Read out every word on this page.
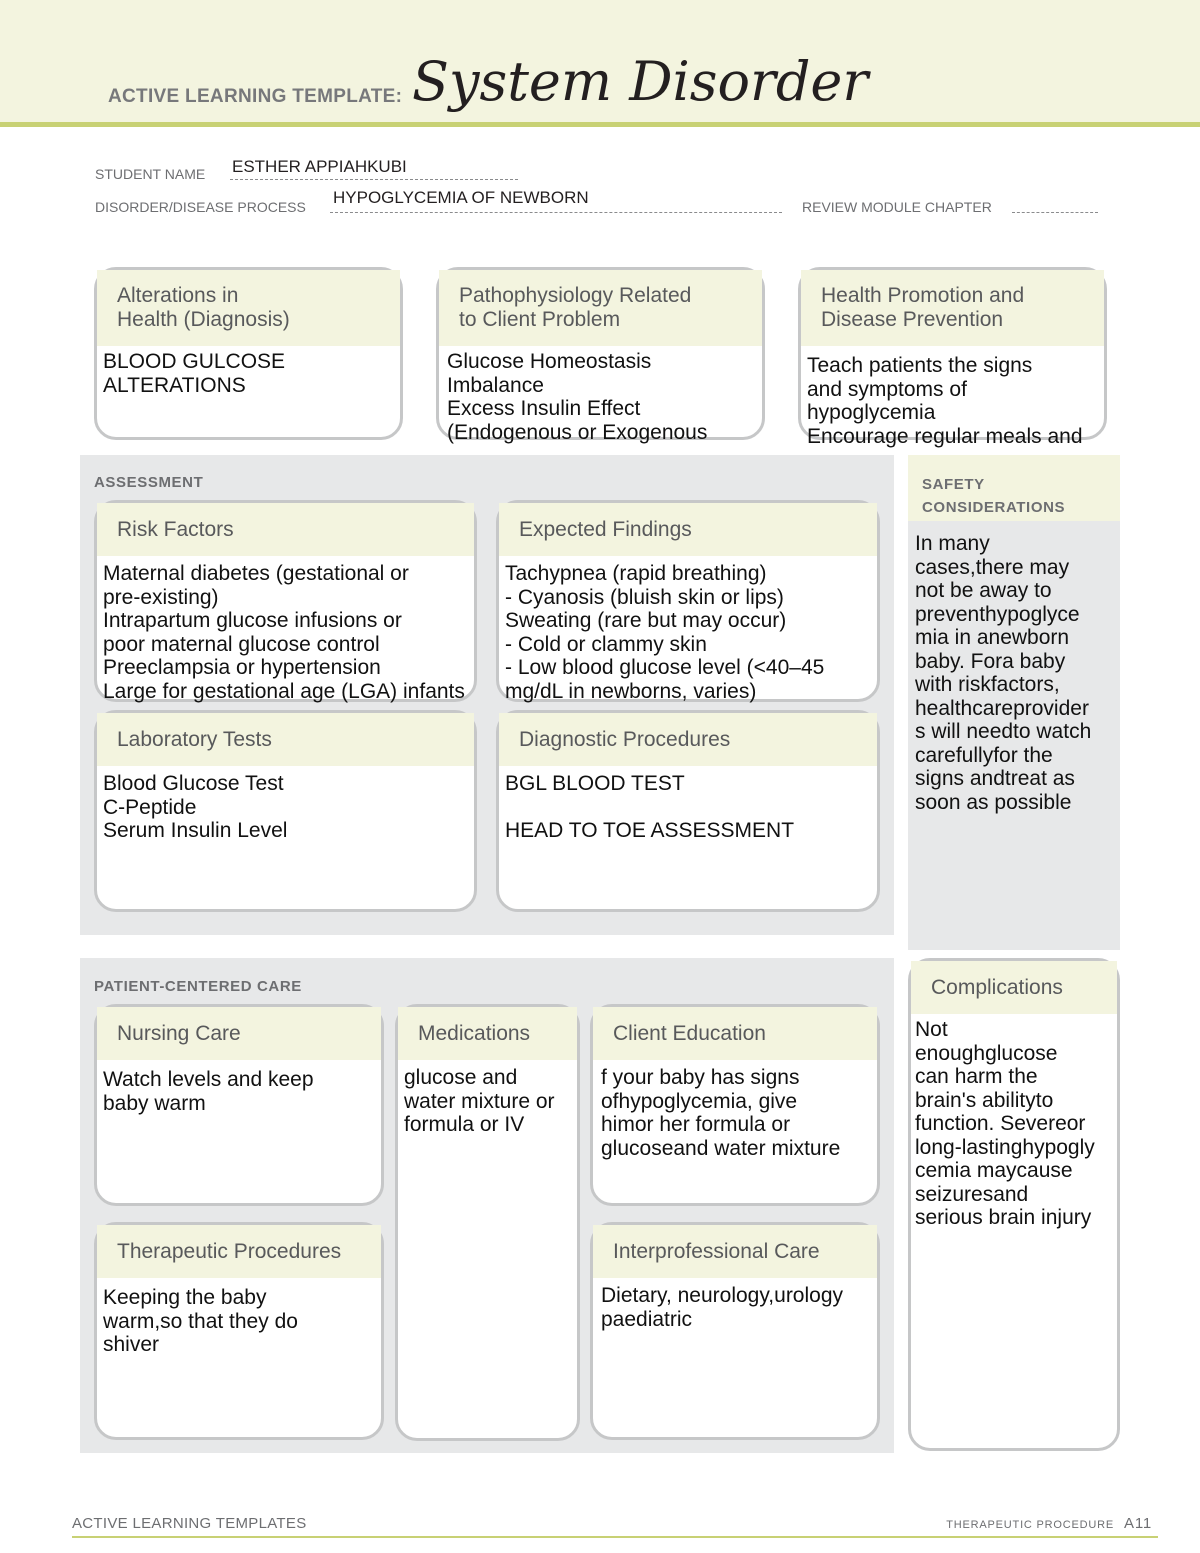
ACTIVE LEARNING TEMPLATE: System Disorder
STUDENT NAME ESTHER APPIAHKUBI
DISORDER/DISEASE PROCESS HYPOGLYCEMIA OF NEWBORN	REVIEW MODULE CHAPTER
Alterations in
Health (Diagnosis)
BLOOD GULCOSE
ALTERATIONS
Pathophysiology Related
to Client Problem
Glucose Homeostasis
Imbalance
Excess Insulin Effect
(Endogenous or Exogenous
Health Promotion and
Disease Prevention
Teach patients the signs
and symptoms of
hypoglycemia
Encourage regular meals and
ASSESSMENT
Risk Factors
Maternal diabetes (gestational or
pre-existing)
Intrapartum glucose infusions or
poor maternal glucose control
Preeclampsia or hypertension
Large for gestational age (LGA) infants
Expected Findings
Tachypnea (rapid breathing)
- Cyanosis (bluish skin or lips)
Sweating (rare but may occur)
- Cold or clammy skin
- Low blood glucose level (<40–45
mg/dL in newborns, varies)
Laboratory Tests
Blood Glucose Test
C-Peptide
Serum Insulin Level
Diagnostic Procedures
BGL BLOOD TEST

HEAD TO TOE ASSESSMENT
SAFETY
CONSIDERATIONS
In many
cases,there may
not be away to
preventhypoglyce
mia in anewborn
baby. Fora baby
with riskfactors,
healthcareprovider
s will needto watch
carefullyfor the
signs andtreat as
soon as possible
PATIENT-CENTERED CARE
Nursing Care
Watch levels and keep
baby warm
Medications
glucose and
water mixture or
formula or IV
Client Education
f your baby has signs
ofhypoglycemia, give
himor her formula or
glucoseand water mixture
Therapeutic Procedures
Keeping the baby
warm,so that they do
shiver
Interprofessional Care
Dietary, neurology,urology
paediatric
Complications
Not
enoughglucose
can harm the
brain's abilityto
function. Severeor
long-lastinghypogly
cemia maycause
seizuresand
serious brain injury
ACTIVE LEARNING TEMPLATES	THERAPEUTIC PROCEDURE A11
